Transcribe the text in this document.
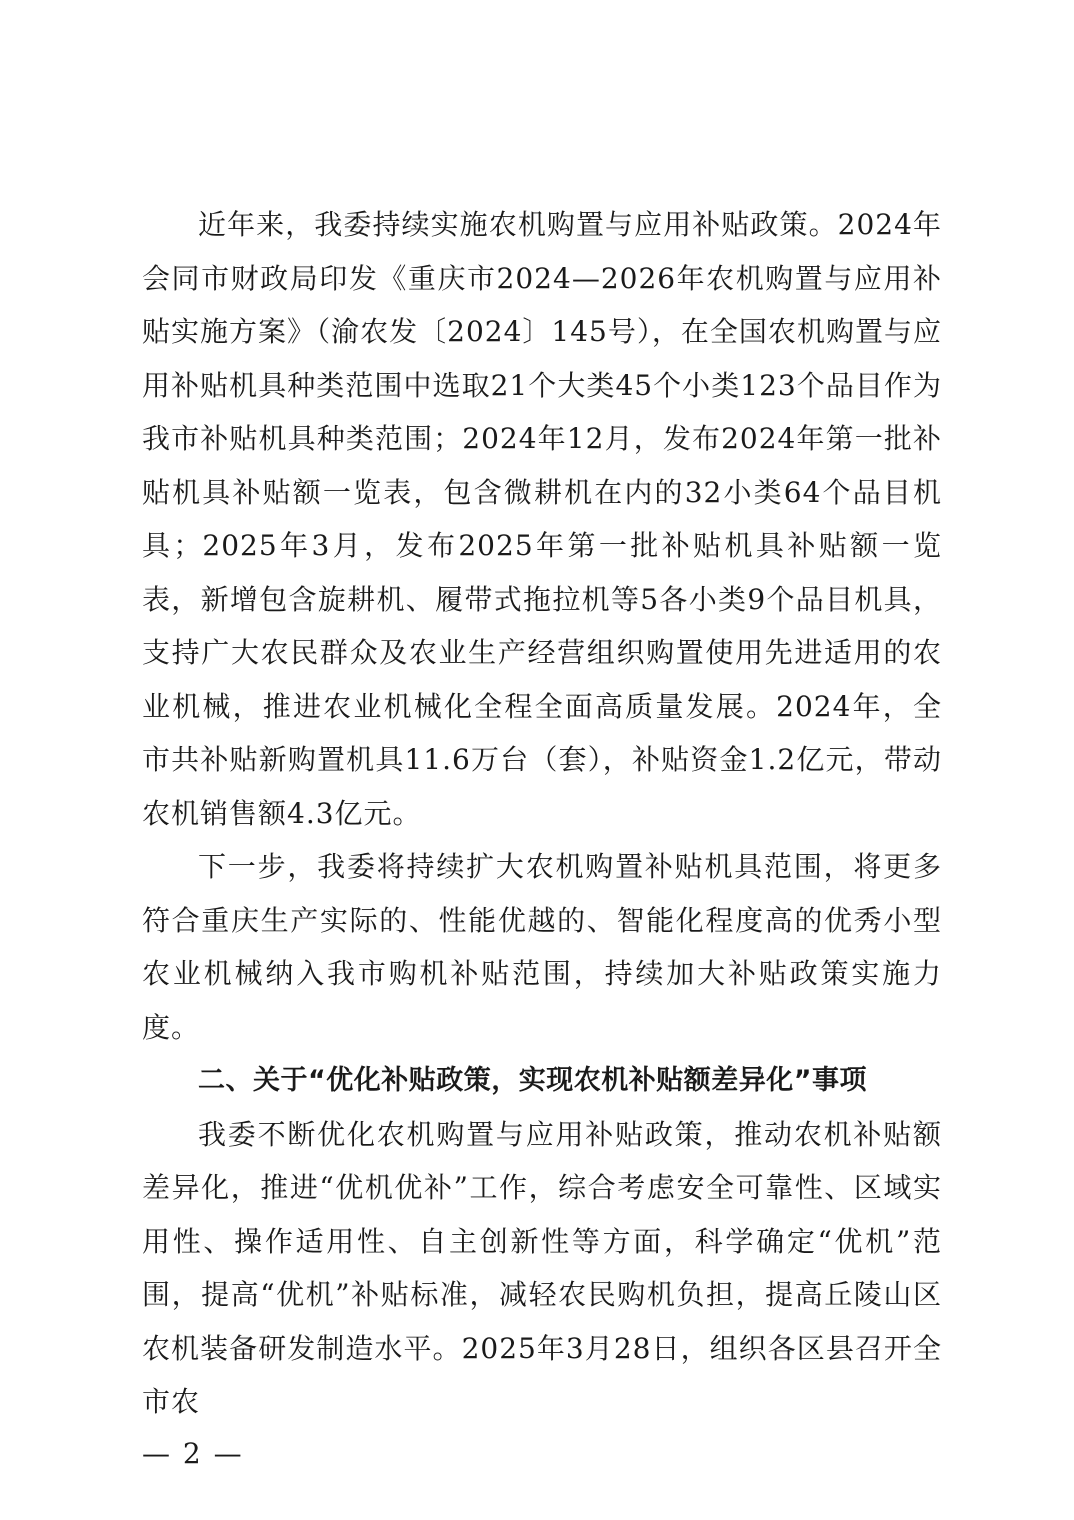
近年来，我委持续实施农机购置与应用补贴政策。2024年会同市财政局印发《重庆市2024—2026年农机购置与应用补贴实施方案》（渝农发〔2024〕145号），在全国农机购置与应用补贴机具种类范围中选取21个大类45个小类123个品目作为我市补贴机具种类范围；2024年12月，发布2024年第一批补贴机具补贴额一览表，包含微耕机在内的32小类64个品目机具；2025年3月，发布2025年第一批补贴机具补贴额一览表，新增包含旋耕机、履带式拖拉机等5各小类9个品目机具，支持广大农民群众及农业生产经营组织购置使用先进适用的农业机械，推进农业机械化全程全面高质量发展。2024年，全市共补贴新购置机具11.6万台（套），补贴资金1.2亿元，带动农机销售额4.3亿元。

下一步，我委将持续扩大农机购置补贴机具范围，将更多符合重庆生产实际的、性能优越的、智能化程度高的优秀小型农业机械纳入我市购机补贴范围，持续加大补贴政策实施力度。

二、关于“优化补贴政策，实现农机补贴额差异化”事项

我委不断优化农机购置与应用补贴政策，推动农机补贴额差异化，推进“优机优补”工作，综合考虑安全可靠性、区域实用性、操作适用性、自主创新性等方面，科学确定“优机”范围，提高“优机”补贴标准，减轻农民购机负担，提高丘陵山区农机装备研发制造水平。2025年3月28日，组织各区县召开全市农

— 2 —
